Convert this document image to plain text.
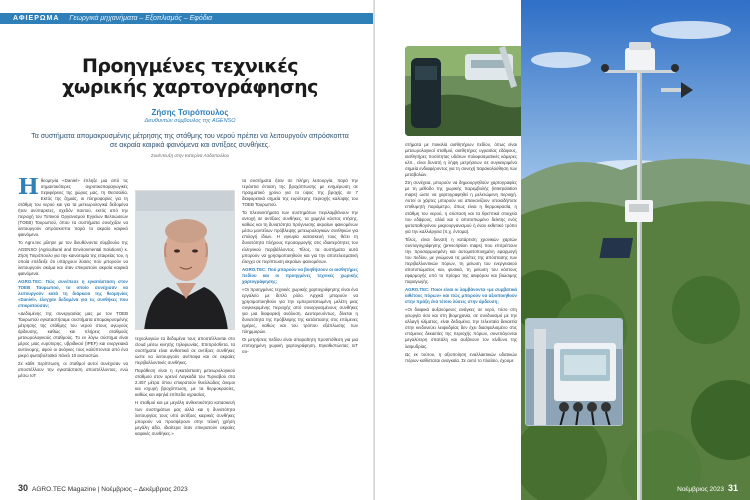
ΑΦΙΕΡΩΜΑ Γεωργικά μηχανήματα – Εξοπλισμός – Εφόδια
Προηγμένες τεχνικές
χωρικής χαρτογράφησης
Ζήσης Τσιρόπουλος
Διευθυντών σύμβουλος της AGENSO
Τα συστήματα απομακρυσμένης μέτρησης της στάθμης του νερού πρέπει να λειτουργούν απρόσκοπτα σε ακραία καιρικά φαινόμενα και αντίξοες συνθήκες.
Συνέντευξη στην Κατερίνα Λαδοπούλου

Ηθεομηνία «Daniel» έπληξε μια από τις σημαντικότερες αγροτικοπαραγωγικές περιφέρειες της χώρας μας, τη Θεσσαλία. Εκτός της ζημιάς, οι πληροφορίες για τη στάθμη του νερού και για τα μετεωρολογικά δεδομένα ήταν ανύπαρκτες, σχεδόν παντού, εκτός από την περιοχή του Τοπικού Οργανισμού Εγγείων Βελτιώσεων (ΤΟΕΒ) Ταυρωπού, όπου τα συστήματα συνέχιζαν να λειτουργούν απρόσκοπτα παρά το ακραίο καιρικό φαινόμενο.

Το Agro.tec μίλησε με τον διευθύνοντα σύμβουλο της AGENSO (Agricultural and Environmental Solutions) κ. Ζήση Τσιρόπουλο για την καινοτομία της εταιρείας του, η οποία επέδειξε ότι υπάρχουν λύσεις που μπορούν να λειτουργούν ακόμα και όταν επικρατούν ακραία καιρικά φαινόμενα.

AGRO.TEC: Πώς συνέπεσε η εγκατάσταση στον ΤΟΕΒ Ταυρωπού, το οποίο συνέχισαν να λειτουργούν κατά τη διάρκεια της θεομηνίας «Daniel», έλεγχαν δεδομένα για τις συνθήκες που επικρατούσαν;

«Δεδομένης της συνεργασίας μας με τον ΤΟΕΒ Ταυρωπού εγκαταστήσαμε συστήματα απομακρυσμένης μέτρησης της στάθμης του νερού στους αγωγούς άρδευσης, καθώς και πλήρεις σταθμούς μετεωρολογικούς σταθμούς. Το εν λόγω σύστημα είναι μέρος μιας ευρύτερης, υβριδικού (IPEF) και ενεργειακά αυτόνομης, αφού οι ανάγκες τους καλύπτονται από ένα μικρό φωτοβολταϊκό πάνελ 10 εκατοστών.

Σε κάθε περίπτωση, οι σταθμοί αυτοί συνέχισαν να αποστέλλουν την εγκατάσταση αποστέλλοντας, ενώ μέσω IoT

τεχνολογιών τα δεδομένα τους αποστέλλονται στο cloud μέσω κινητής τηλεφωνίας. Επιπρόσθετα, τα συστήματα είναι ανθεκτικά σε αντίξοες συνθήκες ώστε να λειτουργούν ανέπαφα και σε ακραίες περιβαλλοντικές συνθήκες.

Παράθεση είναι η εγκατάσταση μετεωρολογικού σταθμού στον ορεινό Λαγκαδά του Τυρναβού στα 2.457 μέτρα όπου επικρατούν θυελλώδεις άνεμοι και ισχυρή βροχόπτωση, με τα θερμοκρασίες, καθώς και υψηλά επίπεδα υγρασίας.

Η σταθμοί και με μεγάλη ανθεκτικότητα κατασκευή των συστημάτων μας αλλά και η δυνατότητα λειτουργίας τους υπό αντίξοες καιρικές συνθήκες μπορούν να προσφέρουν στην τελική χρήση μεγάλη αξία, ιδιαίτερα όταν επικρατούν ακραίες καιρικές συνθήκες.»

τα συστήματα ήταν σε πλήρη λειτουργία, παρά την τεράστια ένταση της βροχόπτωσης με ενημέρωση σε πραγματικό χρόνο για το ύψος της βροχής σε 7 διαφορετικά σημεία της ευρύτερης περιοχής καλύψης του ΤΟΕΒ Ταυρωπού.

Τα πλεονεκτήματα των συστημάτων περιλαμβάνουν την αντοχή σε αντίξοες συνθήκες, τα χαμηλό κόστος κτήσης, καθώς και τη δυνατότητα πρόγνωσης ακραίων φαινομένων μέσω μοντέλων πρόβλεψης μετεωρολογικών συνθηκών για επιλογή ίδιων. Η εγκυρία κατασκευή τους θέτει τη δυνατότητα πλήρους προσαρμογής στις ιδιαιτερότητες του ελληνικού περιβάλλοντος. Τέλος, τα συστήματα αυτά μπορούν να χρησιμοποιηθούν και για την αποτελεσματική έλεγχο σε περίπτωση ακραίων φαινομένων.

AGRO.TEC: Πού μπορούν να βοηθήσουν οι αισθητήρες πεδίου και οι προηγμένες τεχνικές χωρικής χαρτογράφησης;

«Οι προηγμένες τεχνικές χωρικής χαρτογράφησης είναι ένα εργαλείο με διπλό ρόλο. Αρχικά μπορούν να χρησιμοποιηθούν για την εμπεριστατωμένη μελέτη μιας συγκεκριμένης περιοχής από συνεργασμένους συνθήκες για μια διαφορική ανάλυση. Δευτερευόντως, δίνεται η δυνατότητα της πρόβλεψης της κατάστασης στις επόμενες ημέρες, καθώς και του τρόπου εξάπλωσης των πλημμυρών.

Οι μετρήσεις πεδίου είναι απαραίτητη προϋπόθεση για μια επιτυχημένη χωρική χαρτογράφηση. Εγκαθιστώντας IoT συ-

30 AGRO.TEC Magazine | Νοέμβριος – Δεκέμβριος 2023

στήματα με ποικιλία αισθητήρων πεδίου, όπως είναι μετεωρολογικοί σταθμοί, αισθητήρες υγρασίας εδάφους, αισθητήρες ποσότητας υδάτων πολυφασματικές κάμερες κλπ., είναι δυνατή η λήψη μετρήσεων σε συγκεκριμένα σημεία ενδιαφέροντος για τη συνεχή παρακολούθηση των μεταβολών.

Στη συνέχεια, μπορούν να δημιουργηθούν χαρτογραφίες με τη μέθοδο της χωρικής παρεμβολής (interpolation maps) ώστε να χαρτογραφηθεί η μελετώμενη περιοχή. Αυτοί οι χάρτες μπορούν να απεικονίζουν οποιαδήποτε επιθυμητή παράμετρο, όπως είναι η θερμοκρασία, η στάθμη του νερού, η σύσταση και τα θρεπτικά στοιχεία του εδάφους, αλλά και ο αποτυπωμένο δείκτης ενός φυτοπαθογόνου μικροοργανισμού ή έναν εκθετικό τρόπο για την καλλιέργεια (π.χ. έντομα).

Τέλος, είναι δυνατή η κατάρτιση χρονικών χαρτών συνταγογράφησης (prescription maps) που επιτρέπουν την προσαρμοσμένη και αυτοματοποιημένη εφαρμογή του πεδίου, με γνώμονα τις μελέτες της απόστασης των περιβαλλοντικών πόρων, τη μείωση του ενεργειακού αποτυπώματος και, φυσικά, τη μείωση του κόστους εφαρμογής υπό το πρίσμα της αειφόρου και βιώσιμης παραγωγής.

AGRO.TEC: Ποιοι είναι οι λαμβάνοντα «με συμβατικά αιθέτους πόρων» και πώς μπορούν να αξιοποιηθούν στην πράξη ένα τέτοιο λύσεις στην άρδευση;

«Οι διαφικά αυξανόμενες ανάγκες σε νερό, τόσο στη γεωργία όσο και στη βιομηχανία, σε συνδυασμό με την αλλαγή κλίματος, είναι δεδομένα, την τελευταία δεκαετία στην κινδυνεύει λειψυδρίας δεν έχει διασφαλισμένο στις επόμενες δεκαετίες της περιοχής πόρων, συνεπάγονται μεγαλύτερη σπατάλη και αυξάνουν τον κίνδυνο της λειψυδρίας.

Ως εκ τούτου, η αξιοποίηση εναλλακτικών υδατικών πόρων καθίσταται αναγκαία. Σε αυτό το πλαίσιο, έχουμε

Νοέμβριος 2023 31
